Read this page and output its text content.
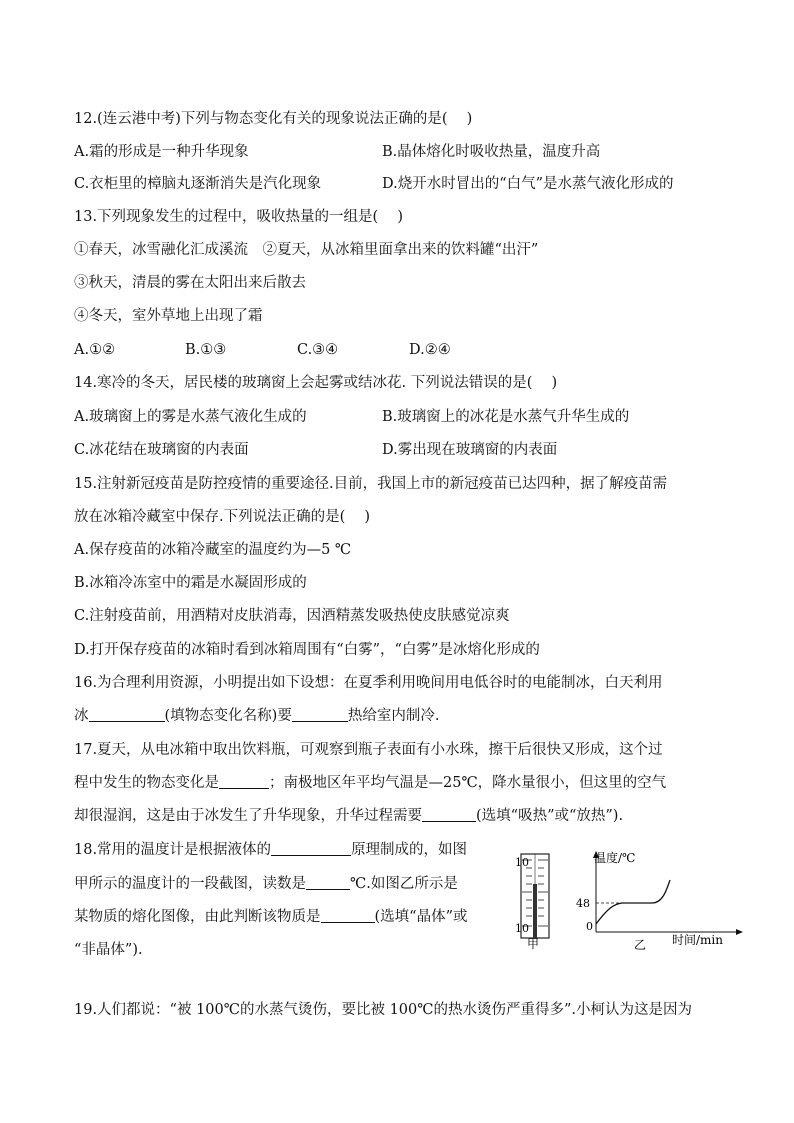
12.(连云港中考)下列与物态变化有关的现象说法正确的是(　 )
A.霜的形成是一种升华现象	B.晶体熔化时吸收热量，温度升高
C.衣柜里的樟脑丸逐渐消失是汽化现象	D.烧开水时冒出的“白气”是水蒸气液化形成的
13.下列现象发生的过程中，吸收热量的一组是(　 )
①春天，冰雪融化汇成溪流　②夏天，从冰箱里面拿出来的饮料罐“出汗”
③秋天，清晨的雾在太阳出来后散去
④冬天，室外草地上出现了霜
A.①②	B.①③	C.③④	D.②④
14.寒冷的冬天，居民楼的玻璃窗上会起雾或结冰花. 下列说法错误的是(　 )
A.玻璃窗上的雾是水蒸气液化生成的	B.玻璃窗上的冰花是水蒸气升华生成的
C.冰花结在玻璃窗的内表面	D.雾出现在玻璃窗的内表面
15.注射新冠疫苗是防控疫情的重要途径.目前，我国上市的新冠疫苗已达四种，据了解疫苗需
放在冰箱冷藏室中保存.下列说法正确的是(　 )
A.保存疫苗的冰箱冷藏室的温度约为—5 ℃
B.冰箱冷冻室中的霜是水凝固形成的
C.注射疫苗前，用酒精对皮肤消毒，因酒精蒸发吸热使皮肤感觉凉爽
D.打开保存疫苗的冰箱时看到冰箱周围有“白雾”，“白雾”是冰熔化形成的
16.为合理利用资源，小明提出如下设想：在夏季利用晚间用电低谷时的电能制冰，白天利用
冰	(填物态变化名称)要	热给室内制冷.
17.夏天，从电冰箱中取出饮料瓶，可观察到瓶子表面有小水珠，擦干后很快又形成，这个过
程中发生的物态变化是	；南极地区年平均气温是—25℃，降水量很小，但这里的空气
却很湿润，这是由于冰发生了升华现象，升华过程需要	(选填“吸热”或“放热”).
18.常用的温度计是根据液体的	原理制成的，如图
甲所示的温度计的一段截图，读数是	℃.如图乙所示是
某物质的熔化图像，由此判断该物质是	(选填“晶体”或
“非晶体”).
10
10
甲
温度/℃
48
0
时间/min
乙
19.人们都说：“被 100℃的水蒸气烫伤，要比被 100℃的热水烫伤严重得多”.小柯认为这是因为
